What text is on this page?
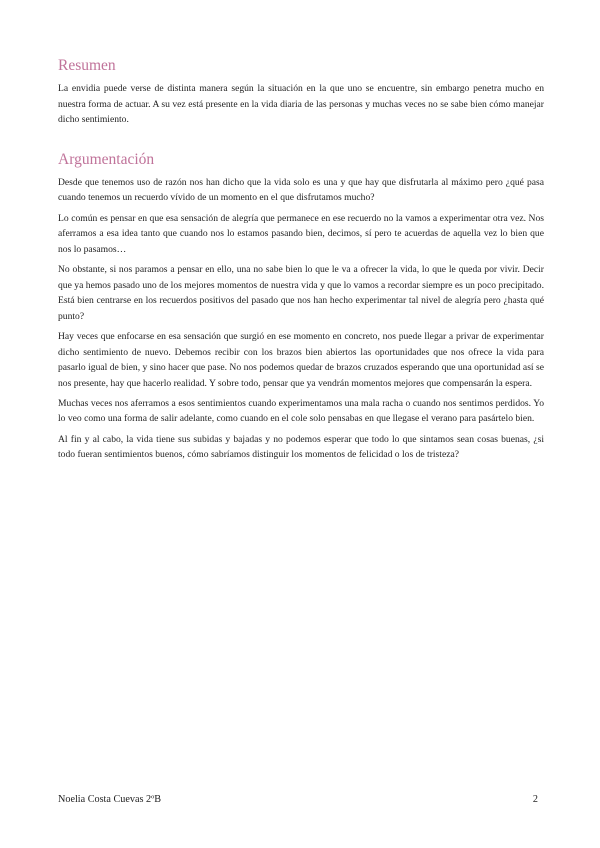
Resumen

La envidia puede verse de distinta manera según la situación en la que uno se encuentre, sin embargo penetra mucho en nuestra forma de actuar. A su vez está presente en la vida diaria de las personas y muchas veces no se sabe bien cómo manejar dicho sentimiento.

Argumentación

Desde que tenemos uso de razón nos han dicho que la vida solo es una y que hay que disfrutarla al máximo pero ¿qué pasa cuando tenemos un recuerdo vívido de un momento en el que disfrutamos mucho?

Lo común es pensar en que esa sensación de alegría que permanece en ese recuerdo no la vamos a experimentar otra vez. Nos aferramos a esa idea tanto que cuando nos lo estamos pasando bien, decimos, sí pero te acuerdas de aquella vez lo bien que nos lo pasamos…

No obstante, si nos paramos a pensar en ello, una no sabe bien lo que le va a ofrecer la vida, lo que le queda por vivir. Decir que ya hemos pasado uno de los mejores momentos de nuestra vida y que lo vamos a recordar siempre es un poco precipitado. Está bien centrarse en los recuerdos positivos del pasado que nos han hecho experimentar tal nivel de alegría pero ¿hasta qué punto?

Hay veces que enfocarse en esa sensación que surgió en ese momento en concreto, nos puede llegar a privar de experimentar dicho sentimiento de nuevo. Debemos recibir con los brazos bien abiertos las oportunidades que nos ofrece la vida para pasarlo igual de bien, y sino hacer que pase. No nos podemos quedar de brazos cruzados esperando que una oportunidad así se nos presente, hay que hacerlo realidad. Y sobre todo, pensar que ya vendrán momentos mejores que compensarán la espera.

Muchas veces nos aferramos a esos sentimientos cuando experimentamos una mala racha o cuando nos sentimos perdidos. Yo lo veo como una forma de salir adelante, como cuando en el cole solo pensabas en que llegase el verano para pasártelo bien.

Al fin y al cabo, la vida tiene sus subidas y bajadas y no podemos esperar que todo lo que sintamos sean cosas buenas, ¿si todo fueran sentimientos buenos, cómo sabríamos distinguir los momentos de felicidad o los de tristeza?

Noelia Costa Cuevas 2ºB	2
